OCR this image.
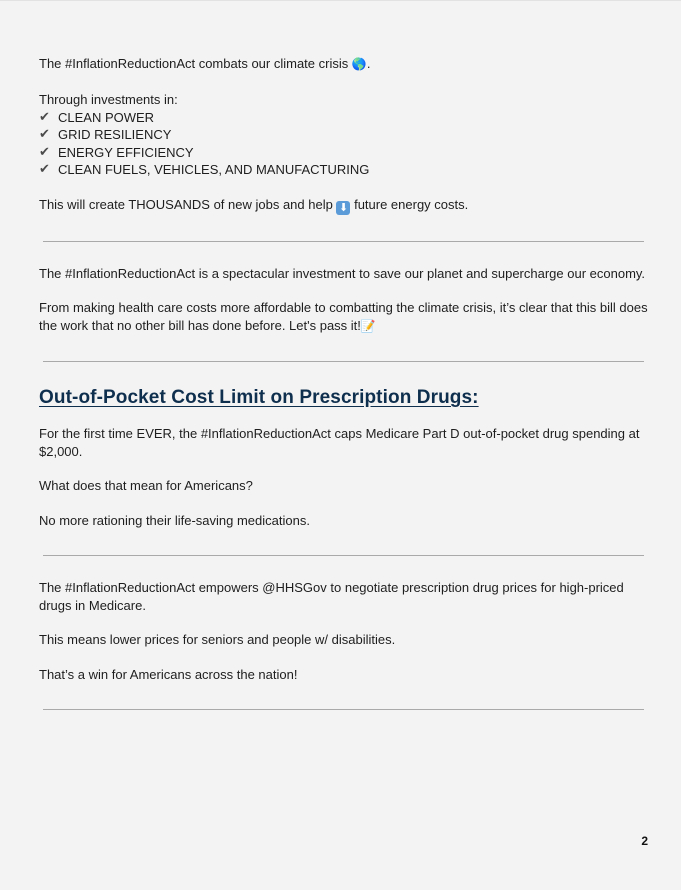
The #InflationReductionAct combats our climate crisis 🌎.

Through investments in:

✔ CLEAN POWER
✔ GRID RESILIENCY
✔ ENERGY EFFICIENCY
✔ CLEAN FUELS, VEHICLES, AND MANUFACTURING

This will create THOUSANDS of new jobs and help ⬇ future energy costs.

The #InflationReductionAct is a spectacular investment to save our planet and supercharge our economy.

From making health care costs more affordable to combatting the climate crisis, it’s clear that this bill does the work that no other bill has done before. Let's pass it!📝

Out-of-Pocket Cost Limit on Prescription Drugs:

For the first time EVER, the #InflationReductionAct caps Medicare Part D out-of-pocket drug spending at $2,000.

What does that mean for Americans?

No more rationing their life-saving medications.

The #InflationReductionAct empowers @HHSGov to negotiate prescription drug prices for high-priced drugs in Medicare.

This means lower prices for seniors and people w/ disabilities.

That’s a win for Americans across the nation!

2
